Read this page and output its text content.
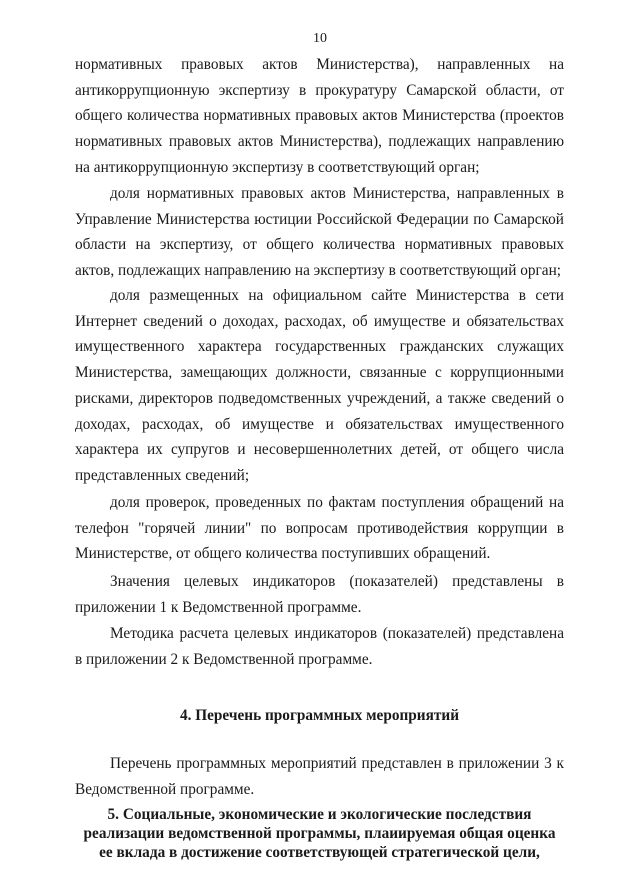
10
нормативных правовых актов Министерства), направленных на антикоррупционную экспертизу в прокуратуру Самарской области, от общего количества нормативных правовых актов Министерства (проектов нормативных правовых актов Министерства), подлежащих направлению на антикоррупционную экспертизу в соответствующий орган;
доля нормативных правовых актов Министерства, направленных в Управление Министерства юстиции Российской Федерации по Самарской области на экспертизу, от общего количества нормативных правовых актов, подлежащих направлению на экспертизу в соответствующий орган;
доля размещенных на официальном сайте Министерства в сети Интернет сведений о доходах, расходах, об имуществе и обязательствах имущественного характера государственных гражданских служащих Министерства, замещающих должности, связанные с коррупционными рисками, директоров подведомственных учреждений, а также сведений о доходах, расходах, об имуществе и обязательствах имущественного характера их супругов и несовершеннолетних детей, от общего числа представленных сведений;
доля проверок, проведенных по фактам поступления обращений на телефон "горячей линии" по вопросам противодействия коррупции в Министерстве, от общего количества поступивших обращений.
Значения целевых индикаторов (показателей) представлены в приложении 1 к Ведомственной программе.
Методика расчета целевых индикаторов (показателей) представлена в приложении 2 к Ведомственной программе.
4. Перечень программных мероприятий
Перечень программных мероприятий представлен в приложении 3 к Ведомственной программе.
5. Социальные, экономические и экологические последствия
реализации ведомственной программы, плаиируемая общая оценка
ее вклада в достижение соответствующей стратегической цели,
